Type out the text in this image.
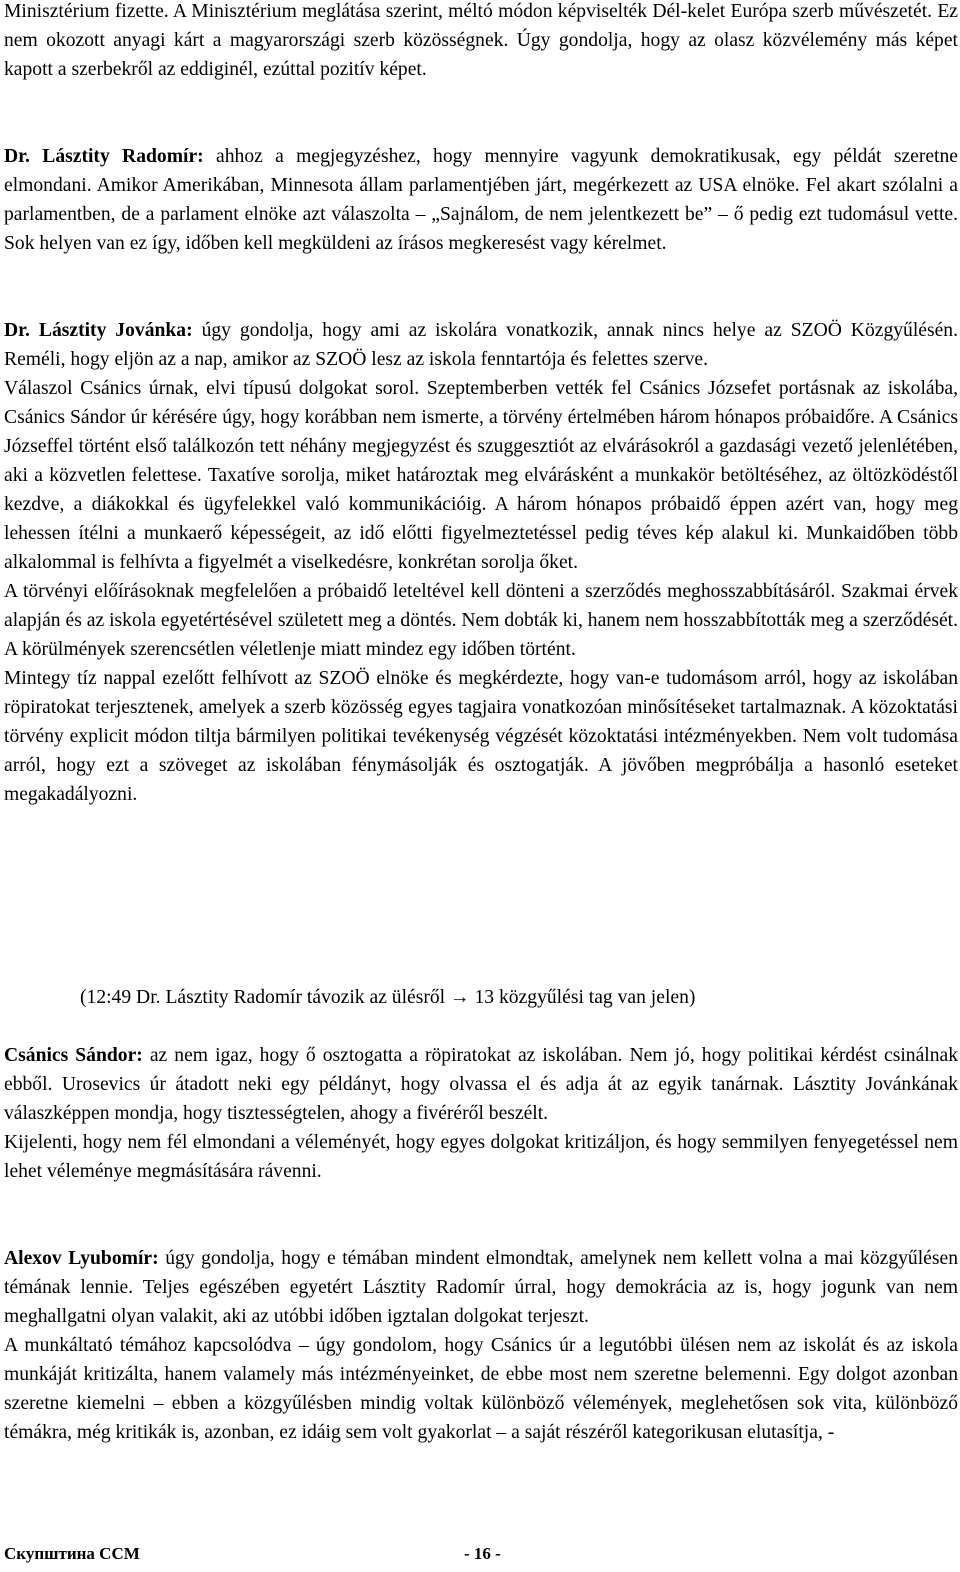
Minisztérium fizette. A Minisztérium meglátása szerint, méltó módon képviselték Dél-kelet Európa szerb művészetét. Ez nem okozott anyagi kárt a magyarországi szerb közösségnek. Úgy gondolja, hogy az olasz közvélemény más képet kapott a szerbekről az eddiginél, ezúttal pozitív képet.

Dr. Lásztity Radomír: ahhoz a megjegyzéshez, hogy mennyire vagyunk demokratikusak, egy példát szeretne elmondani. Amikor Amerikában, Minnesota állam parlamentjében járt, megérkezett az USA elnöke. Fel akart szólalni a parlamentben, de a parlament elnöke azt válaszolta – „Sajnálom, de nem jelentkezett be” – ő pedig ezt tudomásul vette. Sok helyen van ez így, időben kell megküldeni az írásos megkeresést vagy kérelmet.

Dr. Lásztity Jovánka: úgy gondolja, hogy ami az iskolára vonatkozik, annak nincs helye az SZOÖ Közgyűlésén. Reméli, hogy eljön az a nap, amikor az SZOÖ lesz az iskola fenntartója és felettes szerve.

Válaszol Csánics úrnak, elvi típusú dolgokat sorol. Szeptemberben vették fel Csánics Józsefet portásnak az iskolába, Csánics Sándor úr kérésére úgy, hogy korábban nem ismerte, a törvény értelmében három hónapos próbaidőre. A Csánics Józseffel történt első találkozón tett néhány megjegyzést és szuggesztiót az elvárásokról a gazdasági vezető jelenlétében, aki a közvetlen felettese. Taxatíve sorolja, miket határoztak meg elvárásként a munkakör betöltéséhez, az öltözködéstől kezdve, a diákokkal és ügyfelekkel való kommunikációig. A három hónapos próbaidő éppen azért van, hogy meg lehessen ítélni a munkaerő képességeit, az idő előtti figyelmeztetéssel pedig téves kép alakul ki. Munkaidőben több alkalommal is felhívta a figyelmét a viselkedésre, konkrétan sorolja őket.

A törvényi előírásoknak megfelelően a próbaidő leteltével kell dönteni a szerződés meghosszabbításáról. Szakmai érvek alapján és az iskola egyetértésével született meg a döntés. Nem dobták ki, hanem nem hosszabbították meg a szerződését. A körülmények szerencsétlen véletlenje miatt mindez egy időben történt.

Mintegy tíz nappal ezelőtt felhívott az SZOÖ elnöke és megkérdezte, hogy van-e tudomásom arról, hogy az iskolában röpiratokat terjesztenek, amelyek a szerb közösség egyes tagjaira vonatkozóan minősítéseket tartalmaznak. A közoktatási törvény explicit módon tiltja bármilyen politikai tevékenység végzését közoktatási intézményekben. Nem volt tudomása arról, hogy ezt a szöveget az iskolában fénymásolják és osztogatják. A jövőben megpróbálja a hasonló eseteket megakadályozni.

(12:49 Dr. Lásztity Radomír távozik az ülésről → 13 közgyűlési tag van jelen)

Csánics Sándor: az nem igaz, hogy ő osztogatta a röpiratokat az iskolában. Nem jó, hogy politikai kérdést csinálnak ebből. Urosevics úr átadott neki egy példányt, hogy olvassa el és adja át az egyik tanárnak. Lásztity Jovánkának válaszképpen mondja, hogy tisztességtelen, ahogy a fivéréről beszélt.

Kijelenti, hogy nem fél elmondani a véleményét, hogy egyes dolgokat kritizáljon, és hogy semmilyen fenyegetéssel nem lehet véleménye megmásítására rávenni.

Alexov Lyubomír: úgy gondolja, hogy e témában mindent elmondtak, amelynek nem kellett volna a mai közgyűlésen témának lennie. Teljes egészében egyetért Lásztity Radomír úrral, hogy demokrácia az is, hogy jogunk van nem meghallgatni olyan valakit, aki az utóbbi időben igztalan dolgokat terjeszt.

A munkáltató témához kapcsolódva – úgy gondolom, hogy Csánics úr a legutóbbi ülésen nem az iskolát és az iskola munkáját kritizálta, hanem valamely más intézményeinket, de ebbe most nem szeretne belemenni. Egy dolgot azonban szeretne kiemelni – ebben a közgyűlésben mindig voltak különböző vélemények, meglehetősen sok vita, különböző témákra, még kritikák is, azonban, ez idáig sem volt gyakorlat – a saját részéről kategorikusan elutasítja, -

Скупштина ССМ	- 16 -
